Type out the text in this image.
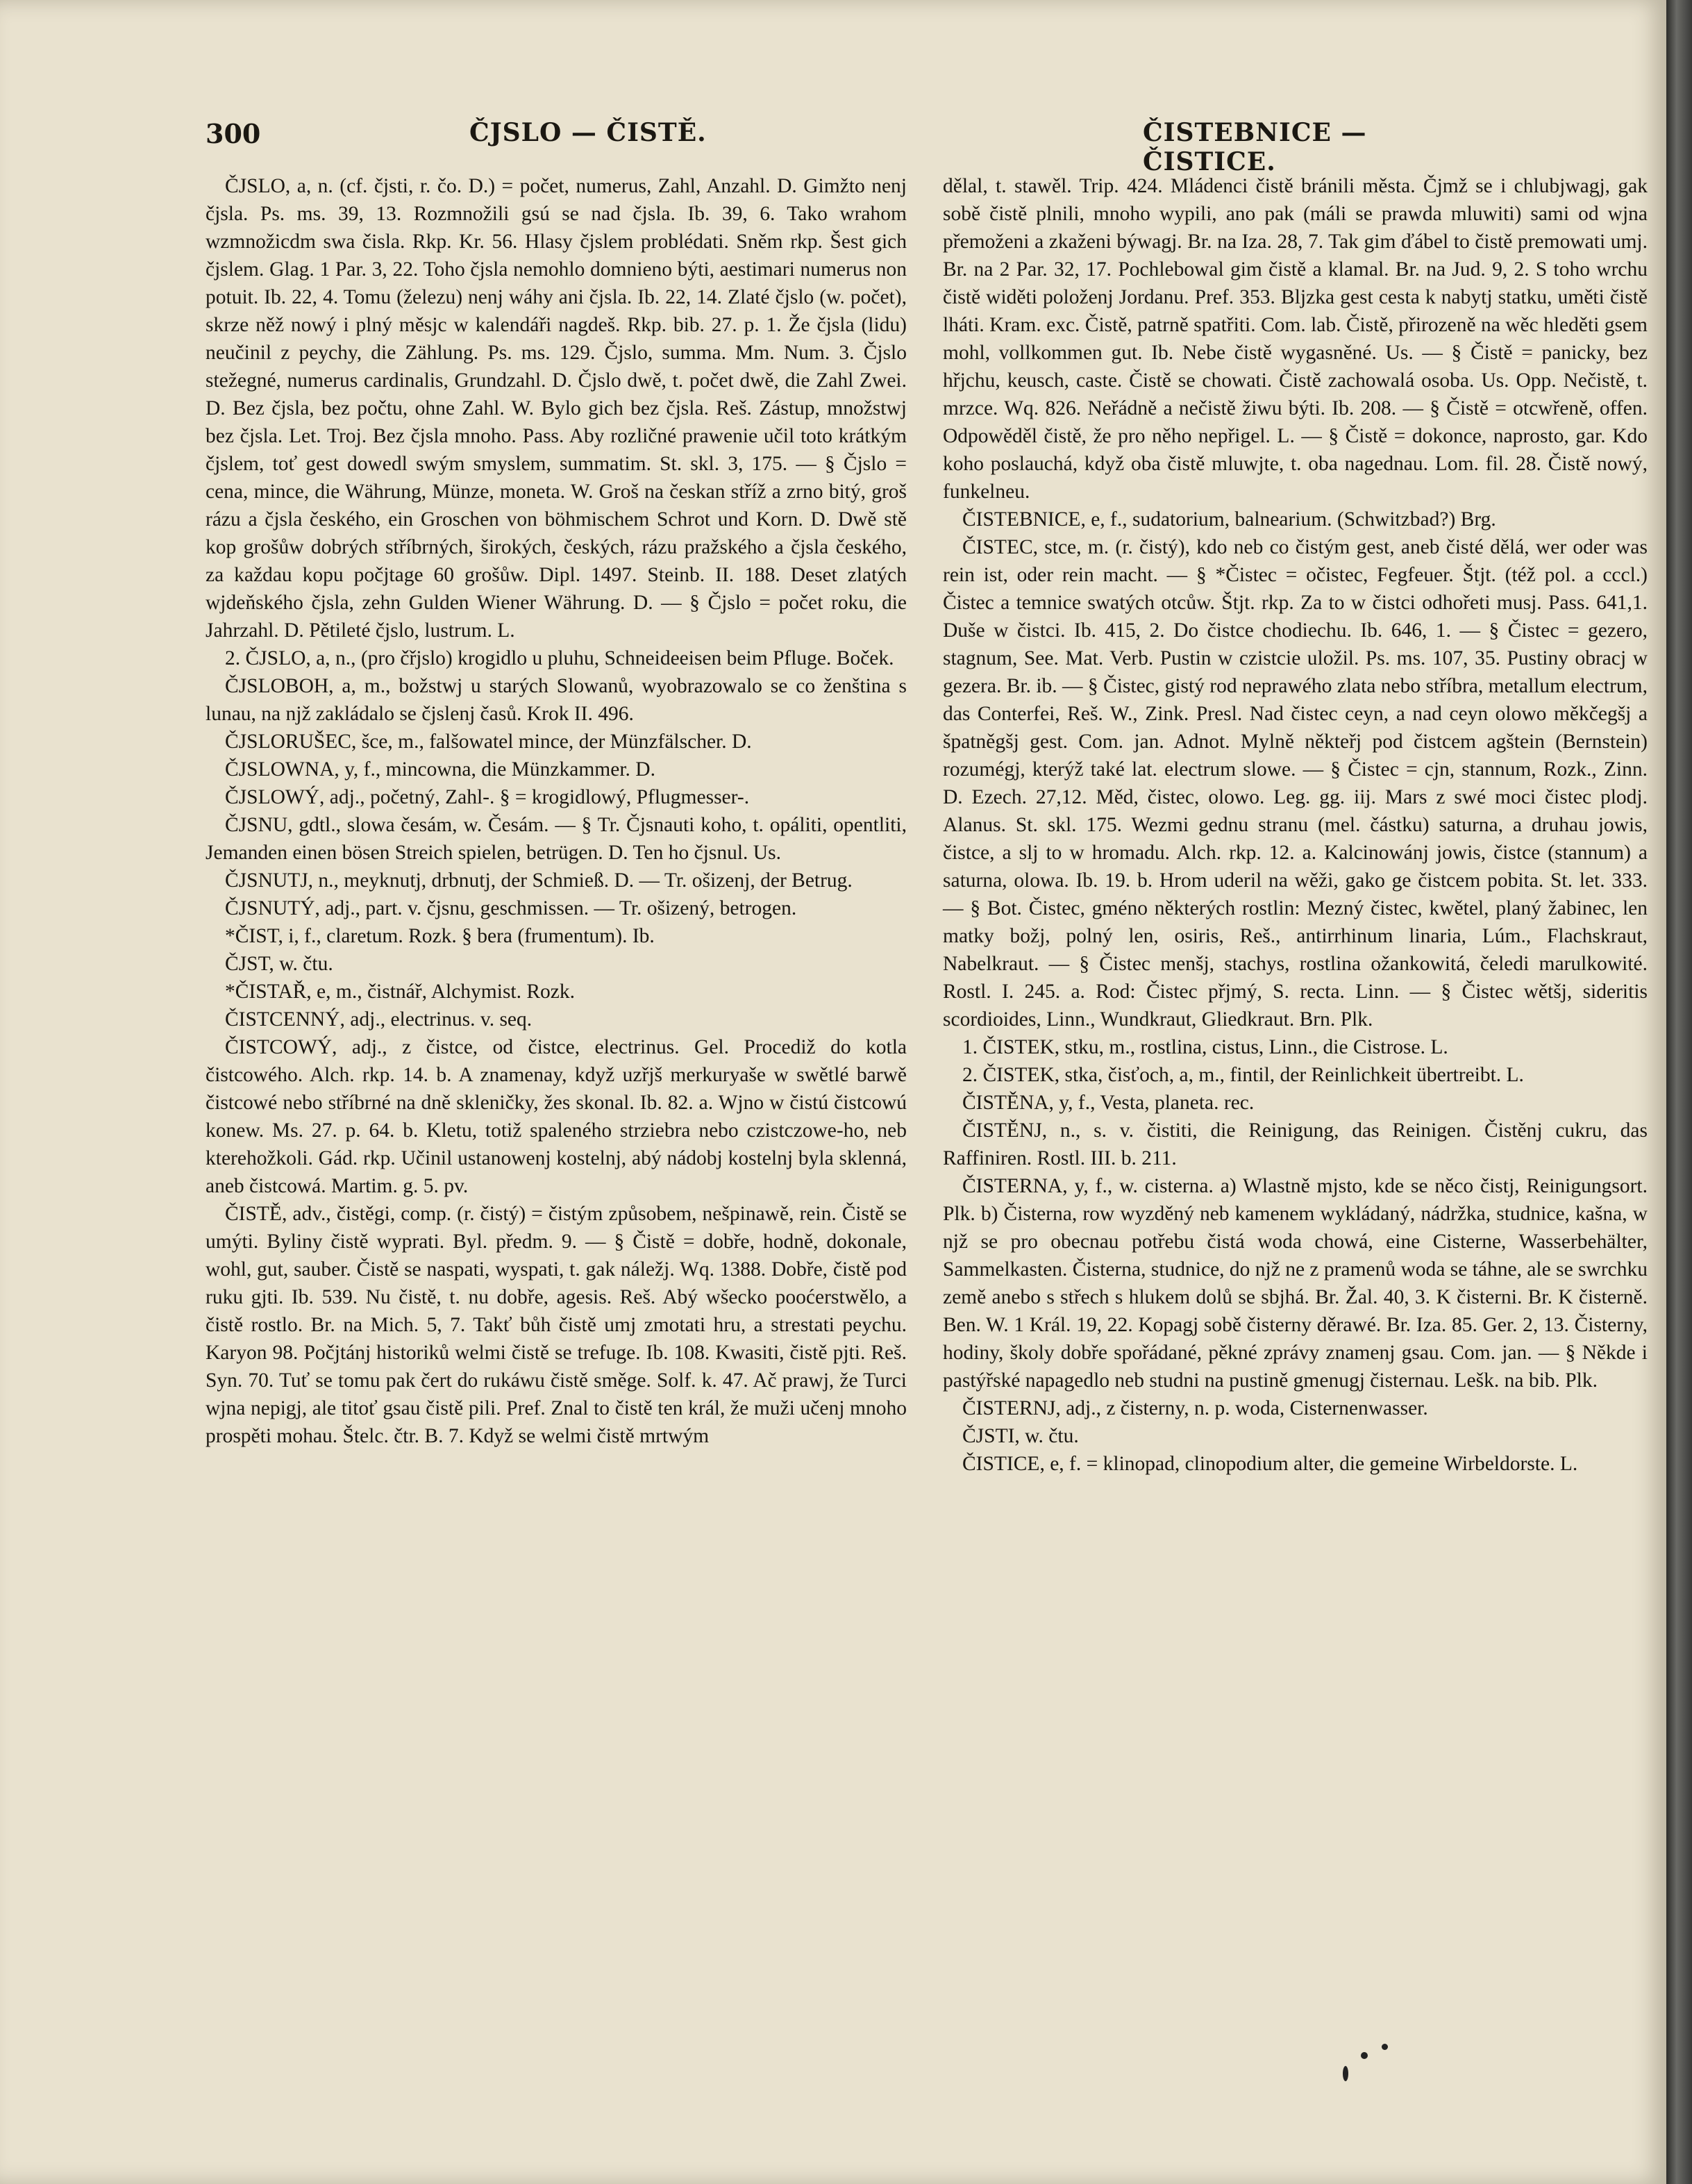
300	ČJSLO — ČISTĚ.	ČISTEBNICE — ČISTICE.

ČJSLO, a, n. (cf. čjsti, r. čo. D.) = počet, numerus, Zahl, Anzahl. D. Gimžto nenj čjsla. Ps. ms. 39, 13. Rozmnožili gsú se nad čjsla. Ib. 39, 6. Tako wrahom wzmnožicdm swa čisla. Rkp. Kr. 56. Hlasy čjslem problédati. Sněm rkp. Šest gich čjslem. Glag. 1 Par. 3, 22. Toho čjsla nemohlo domnieno býti, aestimari numerus non potuit. Ib. 22, 4. Tomu (železu) nenj wáhy ani čjsla. Ib. 22, 14. Zlaté čjslo (w. počet), skrze něž nowý i plný měsjc w kalendáři nagdeš. Rkp. bib. 27. p. 1. Že čjsla (lidu) neučinil z peychy, die Zählung. Ps. ms. 129. Čjslo, summa. Mm. Num. 3. Čjslo stežegné, numerus cardinalis, Grundzahl. D. Čjslo dwě, t. počet dwě, die Zahl Zwei. D. Bez čjsla, bez počtu, ohne Zahl. W. Bylo gich bez čjsla. Reš. Zástup, množstwj bez čjsla. Let. Troj. Bez čjsla mnoho. Pass. Aby rozličné prawenie učil toto krátkým čjslem, toť gest dowedl swým smyslem, summatim. St. skl. 3, 175. — § Čjslo = cena, mince, die Währung, Münze, moneta. W. Groš na českan stříž a zrno bitý, groš rázu a čjsla českého, ein Groschen von böhmischem Schrot und Korn. D. Dwě stě kop grošůw dobrých stříbrných, širokých, českých, rázu pražského a čjsla českého, za každau kopu počjtage 60 grošůw. Dipl. 1497. Steinb. II. 188. Deset zlatých wjdeňského čjsla, zehn Gulden Wiener Währung. D. — § Čjslo = počet roku, die Jahrzahl. D. Pětileté čjslo, lustrum. L.

2. ČJSLO, a, n., (pro čřjslo) krogidlo u pluhu, Schneideeisen beim Pfluge. Boček.

ČJSLOBOH, a, m., božstwj u starých Slowanů, wyobrazowalo se co ženština s lunau, na njž zakládalo se čjslenj časů. Krok II. 496.

ČJSLORUŠEC, šce, m., falšowatel mince, der Münzfälscher. D.

ČJSLOWNA, y, f., mincowna, die Münzkammer. D.

ČJSLOWÝ, adj., početný, Zahl-. § = krogidlowý, Pflugmesser-.

ČJSNU, gdtl., slowa česám, w. Česám. — § Tr. Čjsnauti koho, t. opáliti, opentliti, Jemanden einen bösen Streich spielen, betrügen. D. Ten ho čjsnul. Us.

ČJSNUTJ, n., meyknutj, drbnutj, der Schmieß. D. — Tr. ošizenj, der Betrug.

ČJSNUTÝ, adj., part. v. čjsnu, geschmissen. — Tr. ošizený, betrogen.

*ČIST, i, f., claretum. Rozk. § bera (frumentum). Ib.

ČJST, w. čtu.

*ČISTAŘ, e, m., čistnář, Alchymist. Rozk.

ČISTCENNÝ, adj., electrinus. v. seq.

ČISTCOWÝ, adj., z čistce, od čistce, electrinus. Gel. Procediž do kotla čistcowého. Alch. rkp. 14. b. A znamenay, když uzřjš merkuryaše w swětlé barwě čistcowé nebo stříbrné na dně skleničky, žes skonal. Ib. 82. a. Wjno w čistú čistcowú konew. Ms. 27. p. 64. b. Kletu, totiž spaleného strziebra nebo czistczowe-ho, neb kterehožkoli. Gád. rkp. Učinil ustanowenj kostelnj, abý nádobj kostelnj byla sklenná, aneb čistcowá. Martim. g. 5. pv.

ČISTĚ, adv., čistěgi, comp. (r. čistý) = čistým způsobem, nešpinawě, rein. Čistě se umýti. Byliny čistě wyprati. Byl. předm. 9. — § Čistě = dobře, hodně, dokonale, wohl, gut, sauber. Čistě se naspati, wyspati, t. gak náležj. Wq. 1388. Dobře, čistě pod ruku gjti. Ib. 539. Nu čistě, t. nu dobře, agesis. Reš. Abý wšecko pooćerstwělo, a čistě rostlo. Br. na Mich. 5, 7. Takť bůh čistě umj zmotati hru, a strestati peychu. Karyon 98. Počjtánj historiků welmi čistě se trefuge. Ib. 108. Kwasiti, čistě pjti. Reš. Syn. 70. Tuť se tomu pak čert do rukáwu čistě směge. Solf. k. 47. Ač prawj, že Turci wjna nepigj, ale titoť gsau čistě pili. Pref. Znal to čistě ten král, že muži učenj mnoho prospěti mohau. Štelc. čtr. B. 7. Když se welmi čistě mrtwým

dělal, t. stawěl. Trip. 424. Mládenci čistě bránili města. Čjmž se i chlubjwagj, gak sobě čistě plnili, mnoho wypili, ano pak (máli se prawda mluwiti) sami od wjna přemoženi a zkaženi býwagj. Br. na Iza. 28, 7. Tak gim ďábel to čistě premowati umj. Br. na 2 Par. 32, 17. Pochlebowal gim čistě a klamal. Br. na Jud. 9, 2. S toho wrchu čistě widěti položenj Jordanu. Pref. 353. Bljzka gest cesta k nabytj statku, uměti čistě lháti. Kram. exc. Čistě, patrně spatřiti. Com. lab. Čistě, přirozeně na wěc hleděti gsem mohl, vollkommen gut. Ib. Nebe čistě wygasněné. Us. — § Čistě = panicky, bez hřjchu, keusch, caste. Čistě se chowati. Čistě zachowalá osoba. Us. Opp. Nečistě, t. mrzce. Wq. 826. Neřádně a nečistě žiwu býti. Ib. 208. — § Čistě = otcwřeně, offen. Odpowěděl čistě, že pro něho nepřigel. L. — § Čistě = dokonce, naprosto, gar. Kdo koho poslauchá, když oba čistě mluwjte, t. oba nagednau. Lom. fil. 28. Čistě nowý, funkelneu.

ČISTEBNICE, e, f., sudatorium, balnearium. (Schwitzbad?) Brg.

ČISTEC, stce, m. (r. čistý), kdo neb co čistým gest, aneb čisté dělá, wer oder was rein ist, oder rein macht. — § *Čistec = očistec, Fegfeuer. Štjt. (též pol. a cccl.) Čistec a temnice swatých otcůw. Štjt. rkp. Za to w čistci odhořeti musj. Pass. 641,1. Duše w čistci. Ib. 415, 2. Do čistce chodiechu. Ib. 646, 1. — § Čistec = gezero, stagnum, See. Mat. Verb. Pustin w czistcie uložil. Ps. ms. 107, 35. Pustiny obracj w gezera. Br. ib. — § Čistec, gistý rod neprawého zlata nebo stříbra, metallum electrum, das Conterfei, Reš. W., Zink. Presl. Nad čistec ceyn, a nad ceyn olowo měkčegšj a špatněgšj gest. Com. jan. Adnot. Mylně někteřj pod čistcem agštein (Bernstein) rozumégj, kterýž také lat. electrum slowe. — § Čistec = cjn, stannum, Rozk., Zinn. D. Ezech. 27,12. Měd, čistec, olowo. Leg. gg. iij. Mars z swé moci čistec plodj. Alanus. St. skl. 175. Wezmi gednu stranu (mel. částku) saturna, a druhau jowis, čistce, a slj to w hromadu. Alch. rkp. 12. a. Kalcinowánj jowis, čistce (stannum) a saturna, olowa. Ib. 19. b. Hrom uderil na wěži, gako ge čistcem pobita. St. let. 333. — § Bot. Čistec, gméno některých rostlin: Mezný čistec, kwětel, planý žabinec, len matky božj, polný len, osiris, Reš., antirrhinum linaria, Lúm., Flachskraut, Nabelkraut. — § Čistec menšj, stachys, rostlina ožankowitá, čeledi marulkowité. Rostl. I. 245. a. Rod: Čistec přjmý, S. recta. Linn. — § Čistec wětšj, sideritis scordioides, Linn., Wundkraut, Gliedkraut. Brn. Plk.

1. ČISTEK, stku, m., rostlina, cistus, Linn., die Cistrose. L.

2. ČISTEK, stka, čisťoch, a, m., fintil, der Reinlichkeit übertreibt. L.

ČISTĚNA, y, f., Vesta, planeta. rec.

ČISTĚNJ, n., s. v. čistiti, die Reinigung, das Reinigen. Čistěnj cukru, das Raffiniren. Rostl. III. b. 211.

ČISTERNA, y, f., w. cisterna. a) Wlastně mjsto, kde se něco čistj, Reinigungsort. Plk. b) Čisterna, row wyzděný neb kamenem wykládaný, nádržka, studnice, kašna, w njž se pro obecnau potřebu čistá woda chowá, eine Cisterne, Wasserbehälter, Sammelkasten. Čisterna, studnice, do njž ne z pramenů woda se táhne, ale se swrchku země anebo s střech s hlukem dolů se sbjhá. Br. Žal. 40, 3. K čisterni. Br. K čisterně. Ben. W. 1 Král. 19, 22. Kopagj sobě čisterny děrawé. Br. Iza. 85. Ger. 2, 13. Čisterny, hodiny, školy dobře spořádané, pěkné zprávy znamenj gsau. Com. jan. — § Někde i pastýřské napagedlo neb studni na pustině gmenugj čisternau. Lešk. na bib. Plk.

ČISTERNJ, adj., z čisterny, n. p. woda, Cisternenwasser.

ČJSTI, w. čtu.

ČISTICE, e, f. = klinopad, clinopodium alter, die gemeine Wirbeldorste. L.
